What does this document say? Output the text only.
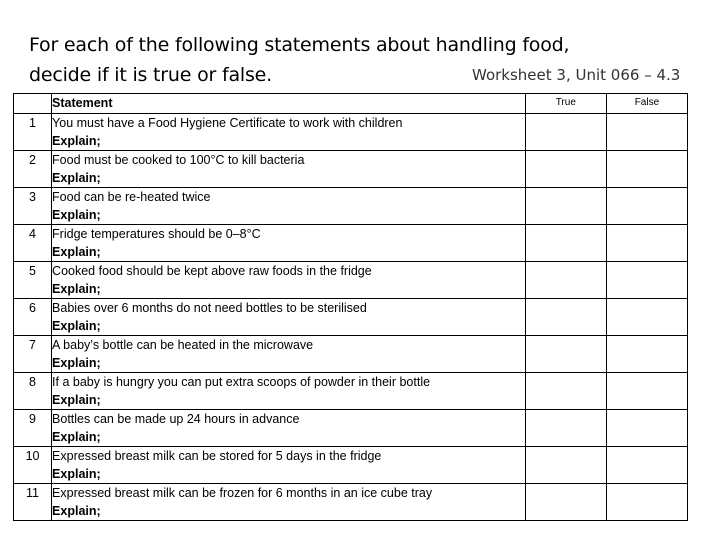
For each of the following statements about handling food,
decide if it is true or false.	Worksheet 3, Unit 066 – 4.3
	Statement	True	False

1	You must have a Food Hygiene Certificate to work with children
Explain;		

2	Food must be cooked to 100°C to kill bacteria
Explain;		

3	Food can be re-heated twice
Explain;		

4	Fridge temperatures should be 0–8°C
Explain;		

5	Cooked food should be kept above raw foods in the fridge
Explain;		

6	Babies over 6 months do not need bottles to be sterilised
Explain;		

7	A baby’s bottle can be heated in the microwave
Explain;		

8	If a baby is hungry you can put extra scoops of powder in their bottle
Explain;		

9	Bottles can be made up 24 hours in advance
Explain;		

10	Expressed breast milk can be stored for 5 days in the fridge
Explain;		

11	Expressed breast milk can be frozen for 6 months in an ice cube tray
Explain;		
